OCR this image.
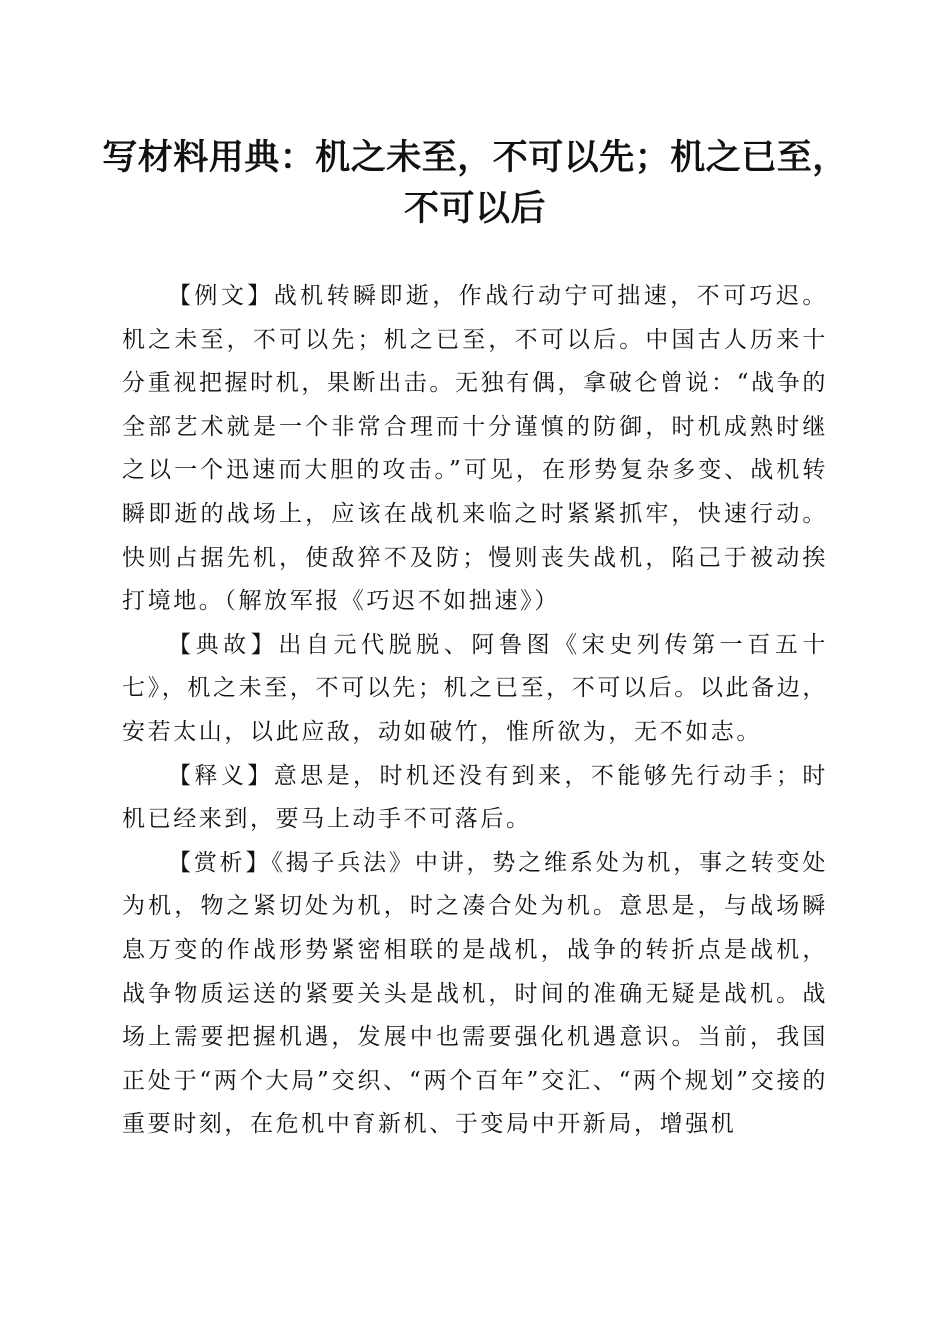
写材料用典：机之未至，不可以先；机之已至，
不可以后

【例文】战机转瞬即逝，作战行动宁可拙速，不可巧迟。机之未至，不可以先；机之已至，不可以后。中国古人历来十分重视把握时机，果断出击。无独有偶，拿破仑曾说：“战争的全部艺术就是一个非常合理而十分谨慎的防御，时机成熟时继之以一个迅速而大胆的攻击。”可见，在形势复杂多变、战机转瞬即逝的战场上，应该在战机来临之时紧紧抓牢，快速行动。快则占据先机，使敌猝不及防；慢则丧失战机，陷己于被动挨打境地。（解放军报《巧迟不如拙速》）

【典故】出自元代脱脱、阿鲁图《宋史列传第一百五十七》，机之未至，不可以先；机之已至，不可以后。以此备边，安若太山，以此应敌，动如破竹，惟所欲为，无不如志。

【释义】意思是，时机还没有到来，不能够先行动手；时机已经来到，要马上动手不可落后。

【赏析】《揭子兵法》中讲，势之维系处为机，事之转变处为机，物之紧切处为机，时之凑合处为机。意思是，与战场瞬息万变的作战形势紧密相联的是战机，战争的转折点是战机，战争物质运送的紧要关头是战机，时间的准确无疑是战机。战场上需要把握机遇，发展中也需要强化机遇意识。当前，我国正处于“两个大局”交织、“两个百年”交汇、“两个规划”交接的重要时刻，在危机中育新机、于变局中开新局，增强机
